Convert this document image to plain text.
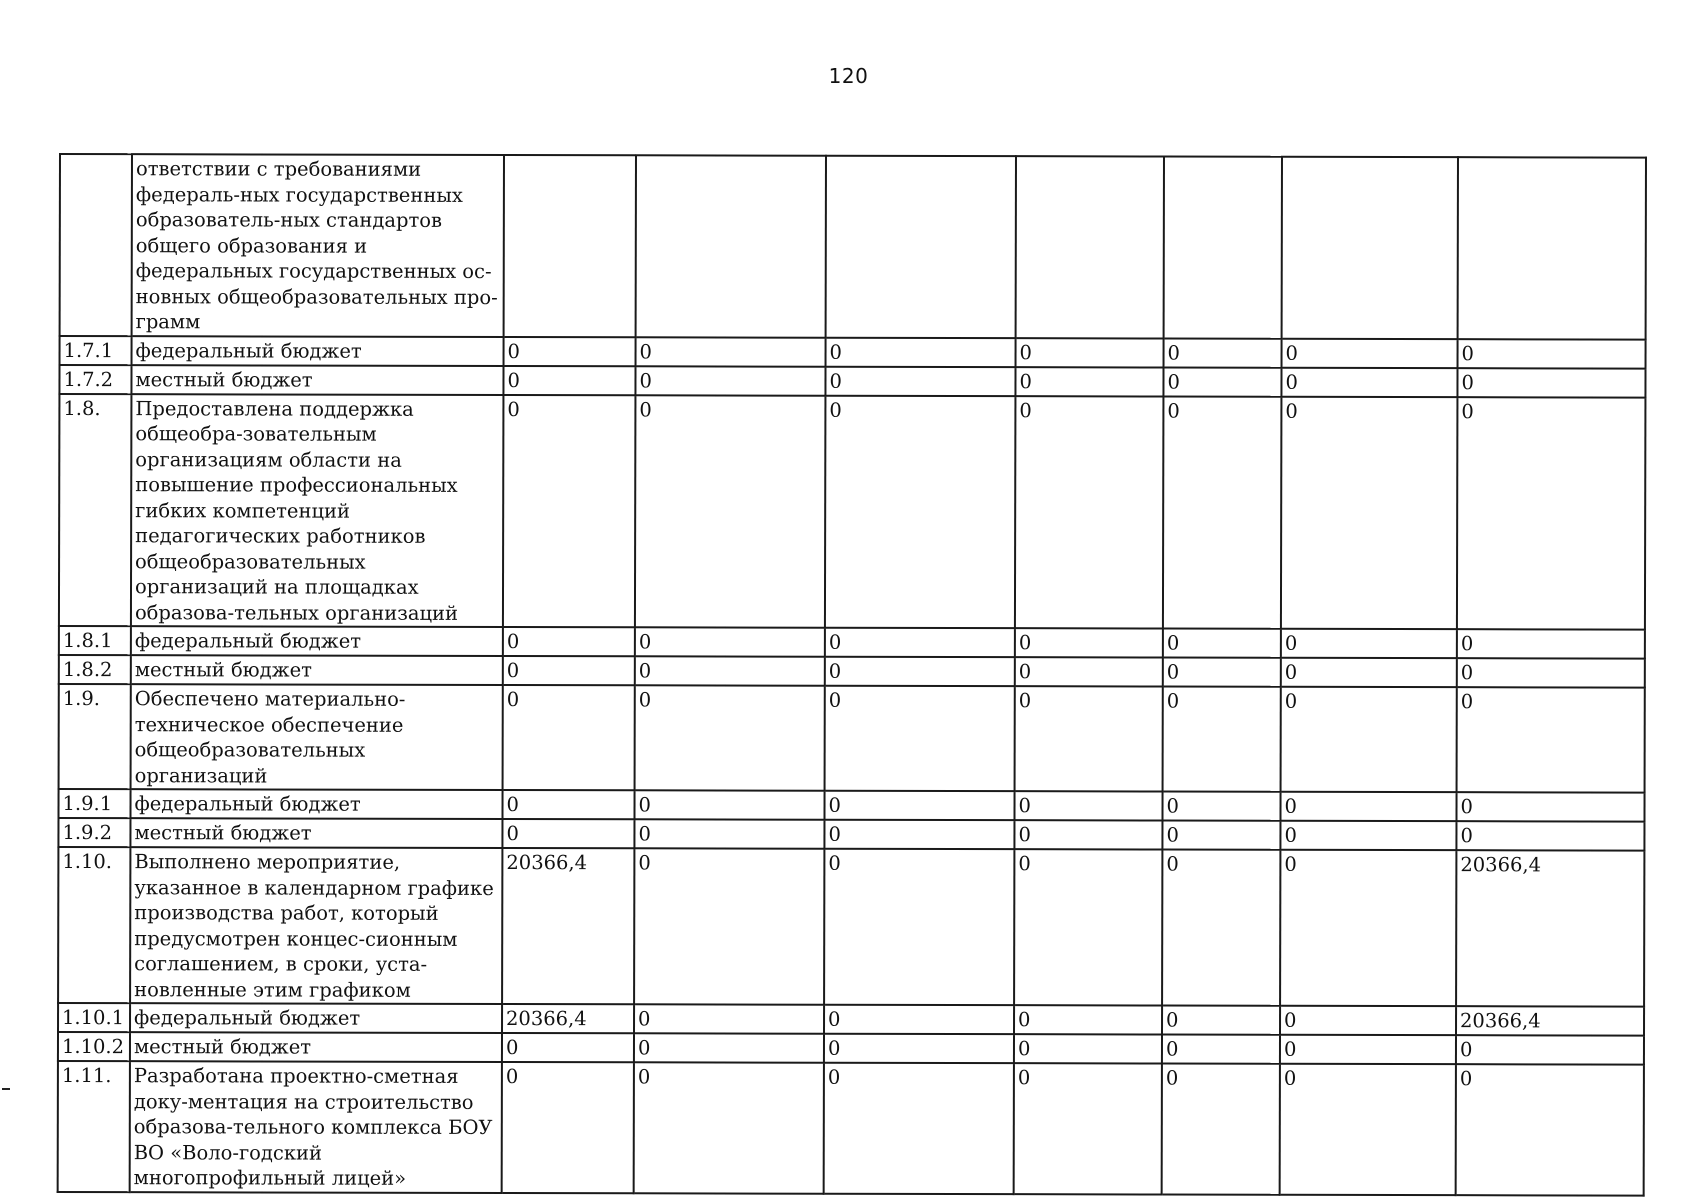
120
	ответствии с требованиями федераль-ных государственных образователь-ных стандартов общего образования и федеральных государственных ос-новных общеобразовательных про-грамм							
1.7.1	федеральный бюджет	0	0	0	0	0	0	0
1.7.2	местный бюджет	0	0	0	0	0	0	0
1.8.	Предоставлена поддержка общеобра-зовательным организациям области на повышение профессиональных гибких компетенций педагогических работников общеобразовательных организаций на площадках образова-тельных организаций	0	0	0	0	0	0	0
1.8.1	федеральный бюджет	0	0	0	0	0	0	0
1.8.2	местный бюджет	0	0	0	0	0	0	0
1.9.	Обеспечено материально-техническое обеспечение общеобразовательных организаций	0	0	0	0	0	0	0
1.9.1	федеральный бюджет	0	0	0	0	0	0	0
1.9.2	местный бюджет	0	0	0	0	0	0	0
1.10.	Выполнено мероприятие, указанное в календарном графике производства работ, который предусмотрен концес-сионным соглашением, в сроки, уста-новленные этим графиком	20366,4	0	0	0	0	0	20366,4
1.10.1	федеральный бюджет	20366,4	0	0	0	0	0	20366,4
1.10.2	местный бюджет	0	0	0	0	0	0	0
1.11.	Разработана проектно-сметная доку-ментация на строительство образова-тельного комплекса БОУ ВО «Воло-годский многопрофильный лицей»	0	0	0	0	0	0	0
